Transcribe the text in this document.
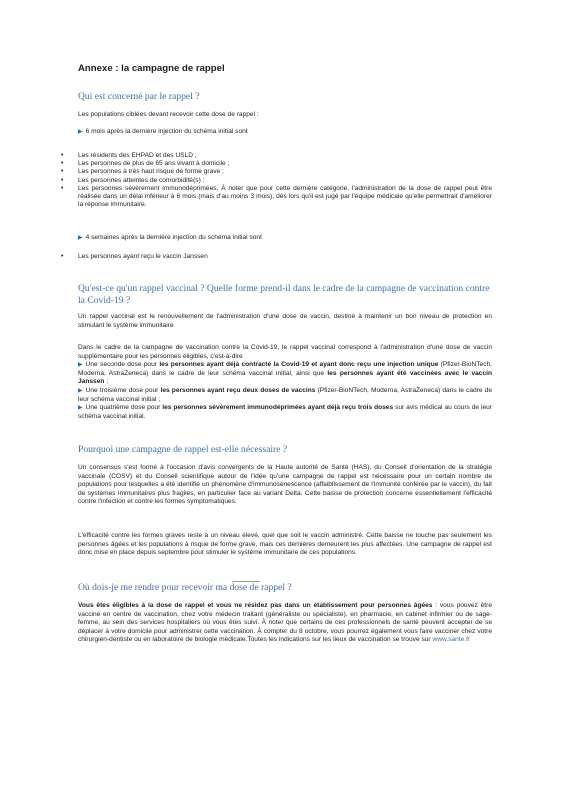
Annexe : la campagne de rappel
Qui est concerné par le rappel ?

Les populations ciblées devant recevoir cette dose de rappel :

▶ 6 mois après la dernière injection du schéma initial sont

• Les résidents des EHPAD et des USLD ;
• Les personnes de plus de 65 ans vivant à domicile ;
• Les personnes à très haut risque de forme grave ;
• Les personnes atteintes de comorbidité(s) ;
• Les personnes sévèrement immunodéprimées. À noter que pour cette dernière catégorie, l'administration de la dose de rappel peut être réalisée dans un délai inférieur à 6 mois (mais d'au moins 3 mois), dès lors qu'il est jugé par l'équipe médicale qu'elle permettrait d'améliorer la réponse immunitaire.

▶ 4 semaines après la dernière injection du schéma initial sont

• Les personnes ayant reçu le vaccin Janssen
Qu'est-ce qu'un rappel vaccinal ? Quelle forme prend-il dans le cadre de la campagne de vaccination contre la Covid-19 ?

Un rappel vaccinal est le renouvellement de l'administration d'une dose de vaccin, destiné à maintenir un bon niveau de protection en stimulant le système immunitaire

Dans le cadre de la campagne de vaccination contre la Covid-19, le rappel vaccinal correspond à l'administration d'une dose de vaccin supplémentaire pour les personnes éligibles, c'est-à-dire
▶ Une seconde dose pour les personnes ayant déjà contracté la Covid-19 et ayant donc reçu une injection unique (Pfizer-BioNTech, Moderna, AstraZeneca) dans le cadre de leur schéma vaccinal initial, ainsi que les personnes ayant été vaccinées avec le vaccin Janssen ;
▶ Une troisième dose pour les personnes ayant reçu deux doses de vaccins (Pfizer-BioNTech, Moderna, AstraZeneca) dans le cadre de leur schéma vaccinal initial ;
▶ Une quatrième dose pour les personnes sévèrement immunodéprimées ayant déjà reçu trois doses sur avis médical au cours de leur schéma vaccinal initial.

Pourquoi une campagne de rappel est-elle nécessaire ?

Un consensus s'est formé à l'occasion d'avis convergents de la Haute autorité de Santé (HAS), du Conseil d'orientation de la stratégie vaccinale (COSV) et du Conseil scientifique autour de l'idée qu'une campagne de rappel est nécessaire pour un certain nombre de populations pour lesquelles a été identifié un phénomène d'immunosénescence (affaiblissement de l'immunité conférée par le vaccin), du fait de systèmes immunitaires plus fragiles, en particulier face au variant Delta. Cette baisse de protection concerne essentiellement l'efficacité contre l'infection et contre les formes symptomatiques.

L'efficacité contre les formes graves reste à un niveau élevé, quel que soit le vaccin administré. Cette baisse ne touche pas seulement les personnes âgées et les populations à risque de forme grave, mais ces dernières demeurent les plus affectées. Une campagne de rappel est donc mise en place depuis septembre pour stimuler le système immunitaire de ces populations.

Où dois-je me rendre pour recevoir ma dose de rappel ?

Vous êtes éligibles à la dose de rappel et vous ne résidez pas dans un établissement pour personnes âgées : vous pouvez être vacciné en centre de vaccination, chez votre médecin traitant (généraliste ou spécialiste), en pharmacie, en cabinet infirmier ou de sage-femme, au sein des services hospitaliers où vous êtes suivi. À noter que certains de ces professionnels de santé peuvent accepter de se déplacer à votre domicile pour administrer cette vaccination. À compter du 8 octobre, vous pourrez également vous faire vacciner chez votre chirurgien-dentiste ou en laboratoire de biologie médicale.Toutes les indications sur les lieux de vaccination se trouve sur www.sante.fr
